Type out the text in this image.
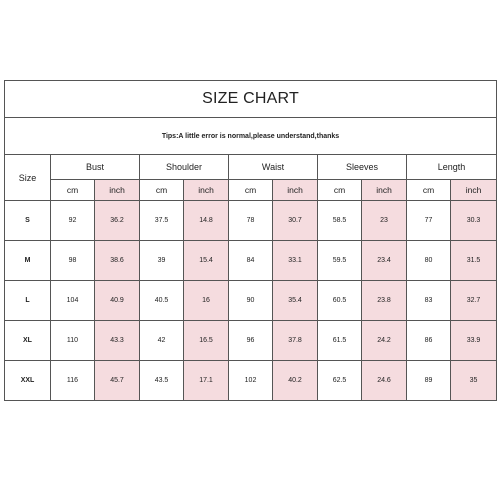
SIZE CHART										
Tips:A little error is normal,please understand,thanks										
Size	Bust		Shoulder		Waist		Sleeves		Length	
	cm	inch	cm	inch	cm	inch	cm	inch	cm	inch
S	92	36.2	37.5	14.8	78	30.7	58.5	23	77	30.3
M	98	38.6	39	15.4	84	33.1	59.5	23.4	80	31.5
L	104	40.9	40.5	16	90	35.4	60.5	23.8	83	32.7
XL	110	43.3	42	16.5	96	37.8	61.5	24.2	86	33.9
XXL	116	45.7	43.5	17.1	102	40.2	62.5	24.6	89	35
